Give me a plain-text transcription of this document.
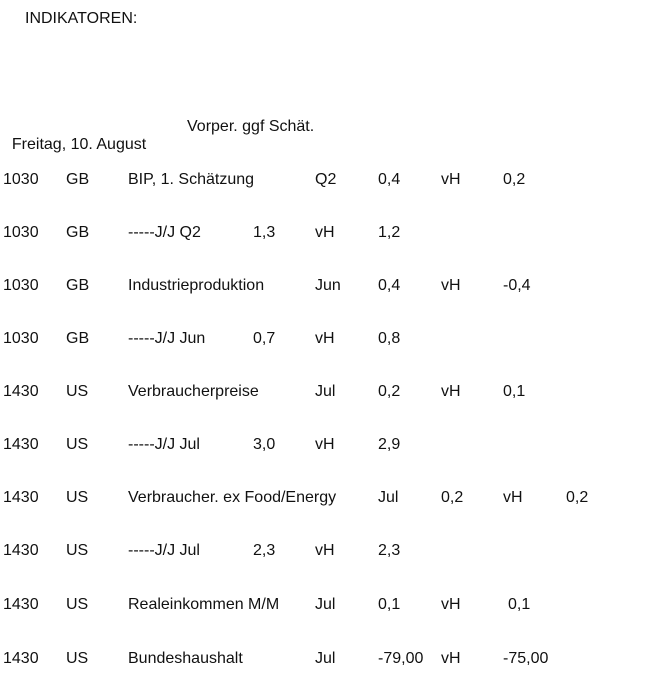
INDIKATOREN:

Freitag, 10. August

Vorper. ggf Schät.

1030 GB BIP, 1. Schätzung	Q2	0,4	vH	0,2
1030 GB -----J/J Q2	1,3 vH	1,2
1030 GB Industrieproduktion	Jun 0,4	vH	-0,4
1030 GB -----J/J Jun	0,7 vH	0,8
1430 US Verbraucherpreise	Jul	0,2	vH	0,1
1430 US -----J/J Jul	3,0 vH	2,9
1430 US Verbraucher. ex Food/Energy	Jul	0,2 vH	0,2
1430 US -----J/J Jul	2,3 vH	2,3
1430 US Realeinkommen M/M Jul	0,1	vH	0,1
1430 US Bundeshaushalt	Jul	-79,00 vH	-75,00
